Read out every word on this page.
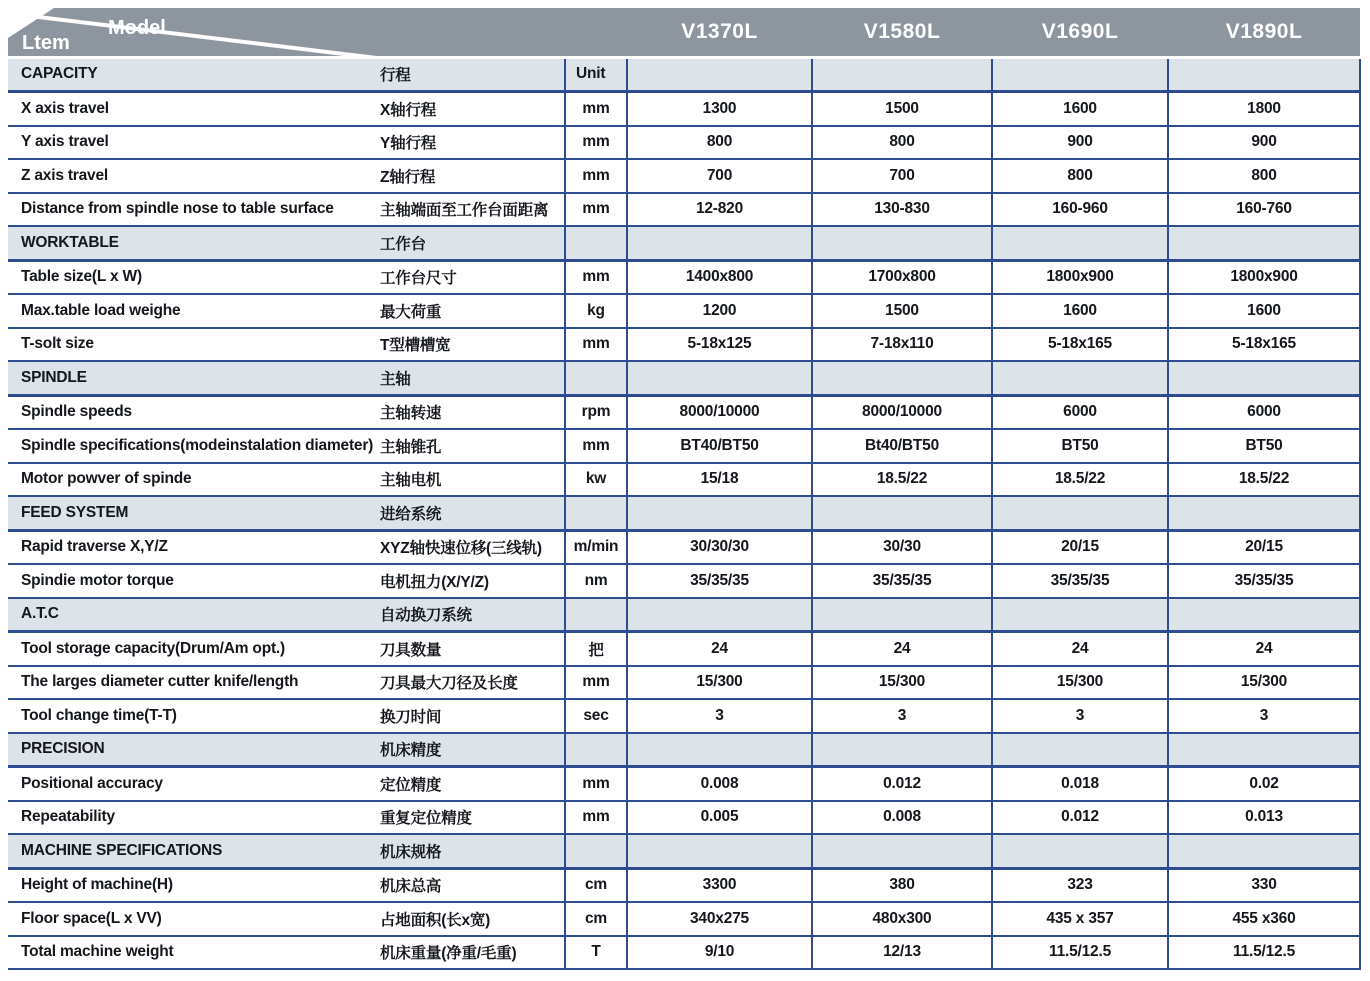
Model
Ltem			V1370L	V1580L	V1690L	V1890L
CAPACITY	行程	Unit				
X axis travel	X轴行程	mm	1300	1500	1600	1800
Y axis travel	Y轴行程	mm	800	800	900	900
Z axis travel	Z轴行程	mm	700	700	800	800
Distance from spindle nose to table surface	主轴端面至工作台面距离	mm	12-820	130-830	160-960	160-760
WORKTABLE	工作台					
Table size(L x W)	工作台尺寸	mm	1400x800	1700x800	1800x900	1800x900
Max.table load weighe	最大荷重	kg	1200	1500	1600	1600
T-solt size	T型槽槽宽	mm	5-18x125	7-18x110	5-18x165	5-18x165
SPINDLE	主轴					
Spindle speeds	主轴转速	rpm	8000/10000	8000/10000	6000	6000
Spindle specifications(modeinstalation diameter)	主轴锥孔	mm	BT40/BT50	Bt40/BT50	BT50	BT50
Motor powver of spinde	主轴电机	kw	15/18	18.5/22	18.5/22	18.5/22
FEED SYSTEM	进给系统					
Rapid traverse X,Y/Z	XYZ轴快速位移(三线轨)	m/min	30/30/30	30/30	20/15	20/15
Spindie motor torque	电机扭力(X/Y/Z)	nm	35/35/35	35/35/35	35/35/35	35/35/35
A.T.C	自动换刀系统					
Tool storage capacity(Drum/Am opt.)	刀具数量	把	24	24	24	24
The larges diameter cutter knife/length	刀具最大刀径及长度	mm	15/300	15/300	15/300	15/300
Tool change time(T-T)	换刀时间	sec	3	3	3	3
PRECISION	机床精度					
Positional accuracy	定位精度	mm	0.008	0.012	0.018	0.02
Repeatability	重复定位精度	mm	0.005	0.008	0.012	0.013
MACHINE SPECIFICATIONS	机床规格					
Height of machine(H)	机床总高	cm	3300	380	323	330
Floor space(L x VV)	占地面积(长x宽)	cm	340x275	480x300	435 x 357	455 x360
Total machine weight	机床重量(净重/毛重)	T	9/10	12/13	11.5/12.5	11.5/12.5
